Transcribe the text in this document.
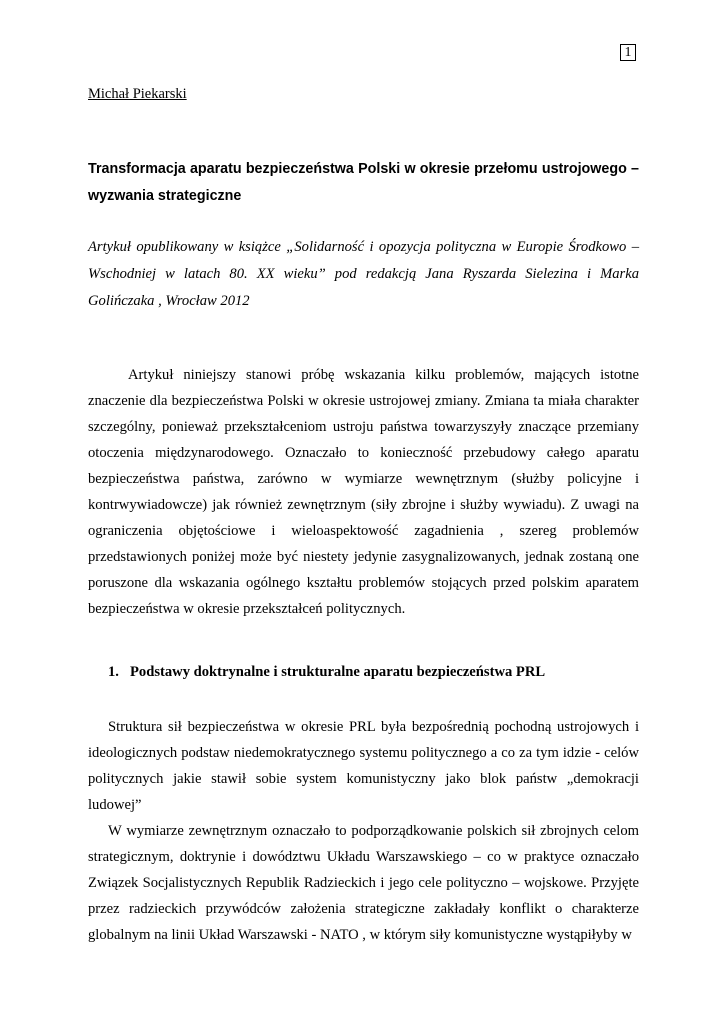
1
Michał Piekarski
Transformacja aparatu bezpieczeństwa Polski w okresie przełomu ustrojowego – wyzwania strategiczne

Artykuł opublikowany w książce „Solidarność i opozycja polityczna w Europie Środkowo – Wschodniej w latach 80. XX wieku” pod redakcją Jana Ryszarda Sielezina i Marka Golińczaka , Wrocław 2012

Artykuł niniejszy stanowi próbę wskazania kilku problemów, mających istotne znaczenie dla bezpieczeństwa Polski w okresie ustrojowej zmiany. Zmiana ta miała charakter szczególny, ponieważ przekształceniom ustroju państwa towarzyszyły znaczące przemiany otoczenia międzynarodowego. Oznaczało to konieczność przebudowy całego aparatu bezpieczeństwa państwa, zarówno w wymiarze wewnętrznym (służby policyjne i kontrwywiadowcze) jak również zewnętrznym (siły zbrojne i służby wywiadu). Z uwagi na ograniczenia objętościowe i wieloaspektowość zagadnienia , szereg problemów przedstawionych poniżej może być niestety jedynie zasygnalizowanych, jednak zostaną one poruszone dla wskazania ogólnego kształtu problemów stojących przed polskim aparatem bezpieczeństwa w okresie przekształceń politycznych.

1. Podstawy doktrynalne i strukturalne aparatu bezpieczeństwa PRL

Struktura sił bezpieczeństwa w okresie PRL była bezpośrednią pochodną ustrojowych i ideologicznych podstaw niedemokratycznego systemu politycznego a co za tym idzie - celów politycznych jakie stawił sobie system komunistyczny jako blok państw „demokracji ludowej”

W wymiarze zewnętrznym oznaczało to podporządkowanie polskich sił zbrojnych celom strategicznym, doktrynie i dowództwu Układu Warszawskiego – co w praktyce oznaczało Związek Socjalistycznych Republik Radzieckich i jego cele polityczno – wojskowe. Przyjęte przez radzieckich przywódców założenia strategiczne zakładały konflikt o charakterze globalnym na linii Układ Warszawski - NATO , w którym siły komunistyczne wystąpiłyby w
